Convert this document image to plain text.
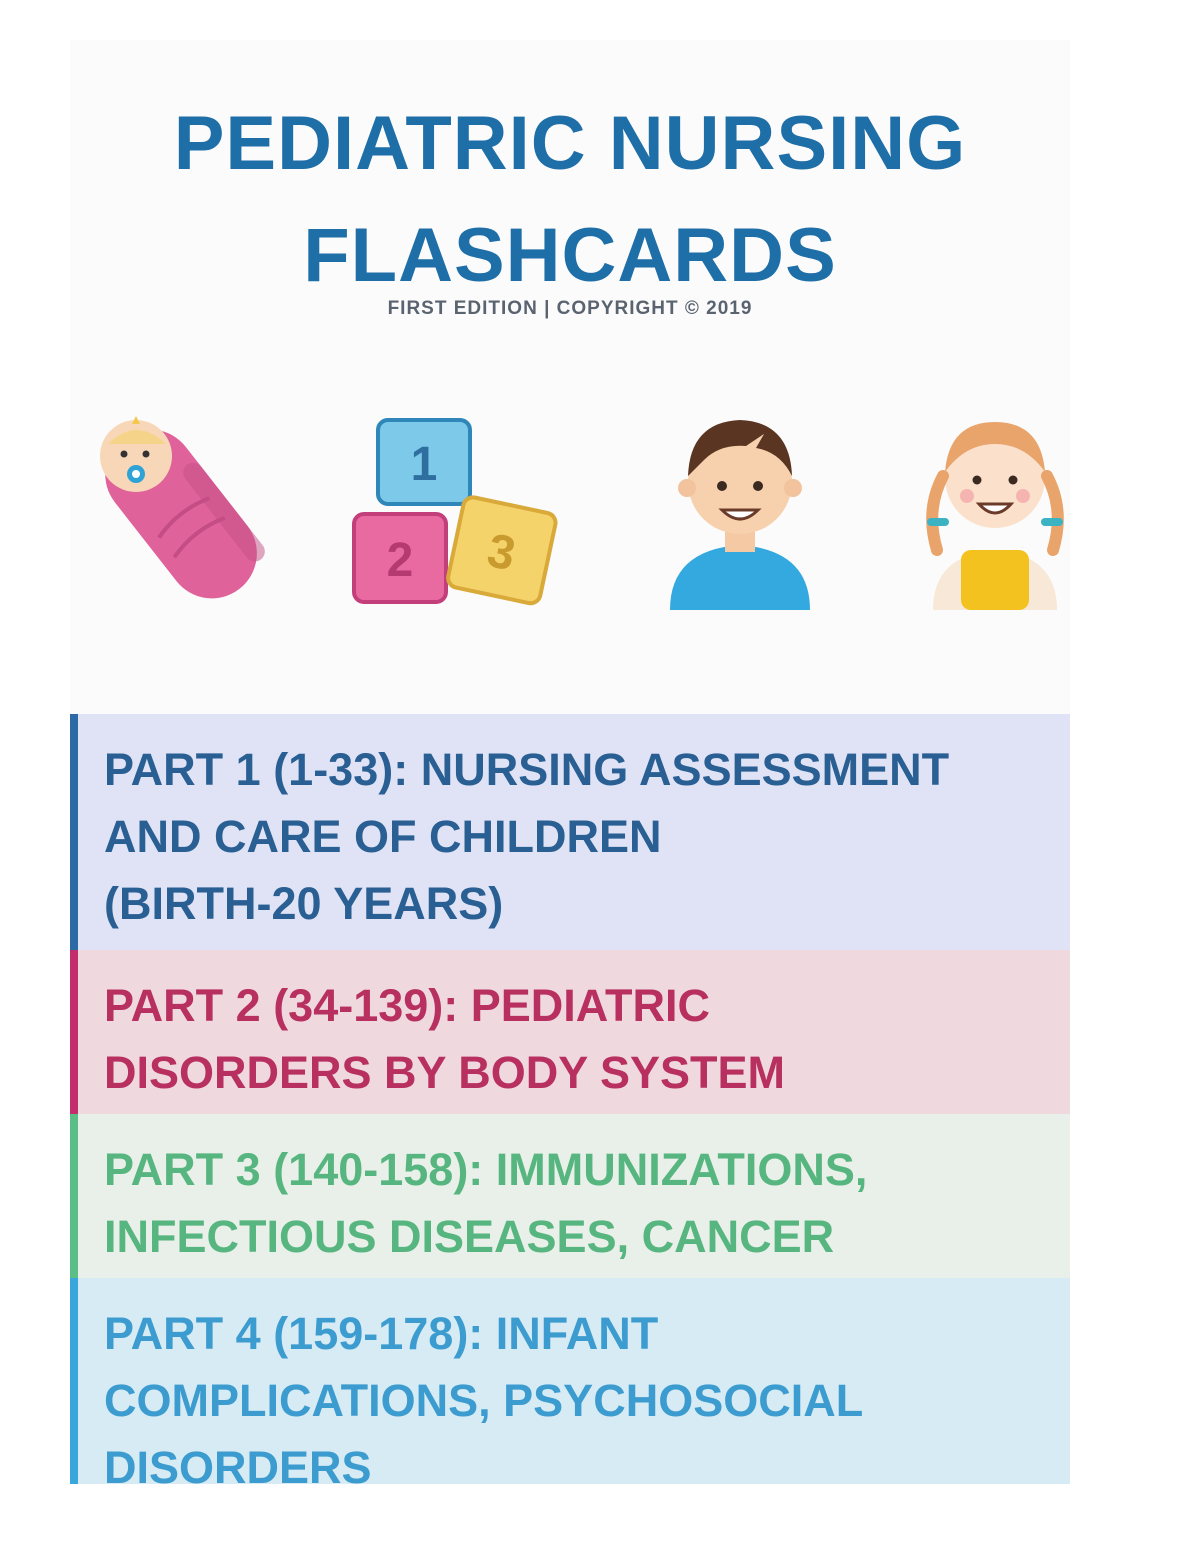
PEDIATRIC NURSING
FLASHCARDS
FIRST EDITION | COPYRIGHT © 2019
1
2 3
PART 1 (1-33): NURSING ASSESSMENT
AND CARE OF CHILDREN
(BIRTH-20 YEARS)
PART 2 (34-139): PEDIATRIC
DISORDERS BY BODY SYSTEM
PART 3 (140-158): IMMUNIZATIONS,
INFECTIOUS DISEASES, CANCER
PART 4 (159-178): INFANT
COMPLICATIONS, PSYCHOSOCIAL
DISORDERS
